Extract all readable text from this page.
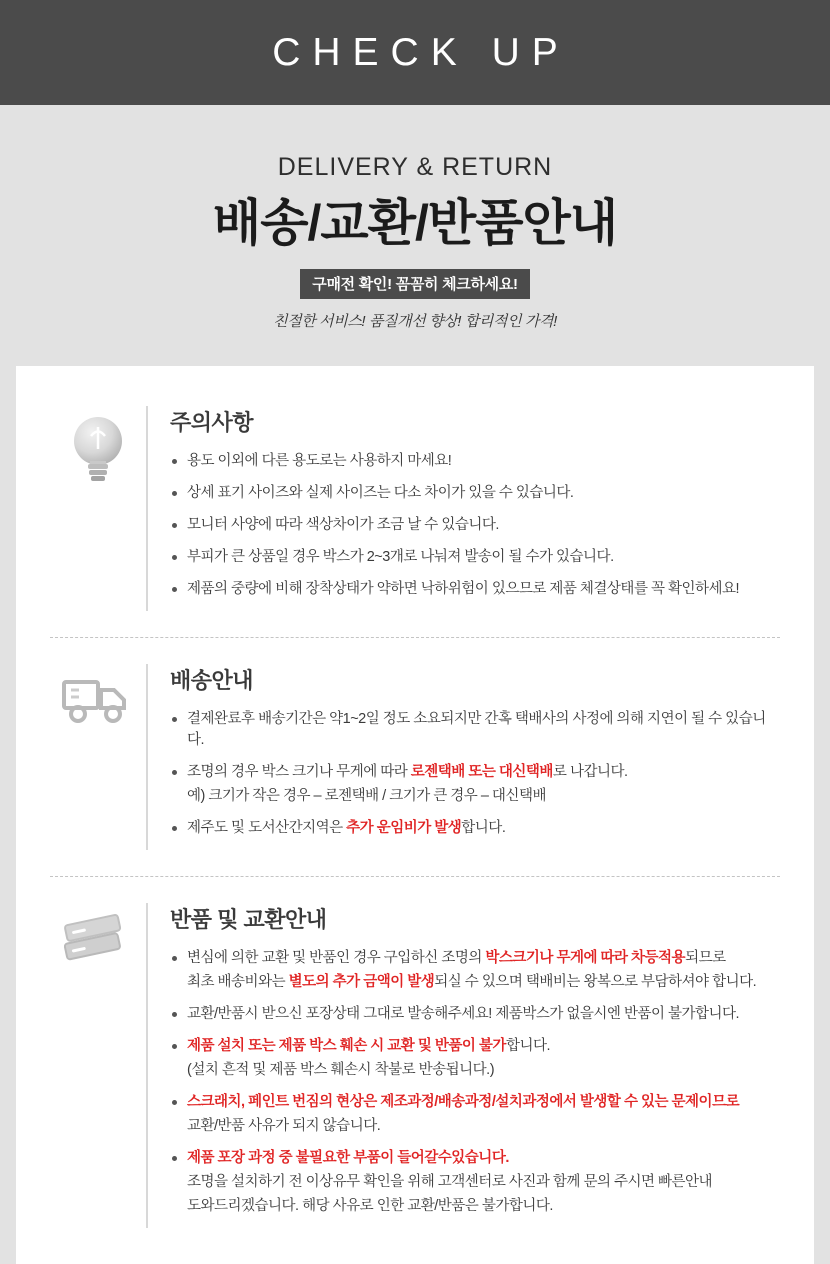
CHECK UP
DELIVERY & RETURN
배송/교환/반품안내
구매전 확인! 꼼꼼히 체크하세요!
친절한 서비스! 품질개선 향상! 합리적인 가격!
주의사항
용도 이외에 다른 용도로는 사용하지 마세요!
상세 표기 사이즈와 실제 사이즈는 다소 차이가 있을 수 있습니다.
모니터 사양에 따라 색상차이가 조금 날 수 있습니다.
부피가 큰 상품일 경우 박스가 2~3개로 나눠져 발송이 될 수가 있습니다.
제품의 중량에 비해 장착상태가 약하면 낙하위험이 있으므로 제품 체결상태를 꼭 확인하세요!
배송안내
결제완료후 배송기간은 약1~2일 정도 소요되지만 간혹 택배사의 사정에 의해 지연이 될 수 있습니다.
조명의 경우 박스 크기나 무게에 따라 로젠택배 또는 대신택배로 나갑니다.
예) 크기가 작은 경우 – 로젠택배 / 크기가 큰 경우 – 대신택배
제주도 및 도서산간지역은 추가 운임비가 발생합니다.
반품 및 교환안내
변심에 의한 교환 및 반품인 경우 구입하신 조명의 박스크기나 무게에 따라 차등적용되므로
최초 배송비와는 별도의 추가 금액이 발생되실 수 있으며 택배비는 왕복으로 부담하셔야 합니다.
교환/반품시 받으신 포장상태 그대로 발송해주세요! 제품박스가 없을시엔 반품이 불가합니다.
제품 설치 또는 제품 박스 훼손 시 교환 및 반품이 불가합니다.
(설치 흔적 및 제품 박스 훼손시 착불로 반송됩니다.)
스크래치, 페인트 번짐의 현상은 제조과정/배송과정/설치과정에서 발생할 수 있는 문제이므로
교환/반품 사유가 되지 않습니다.
제품 포장 과정 중 불필요한 부품이 들어갈수있습니다.
조명을 설치하기 전 이상유무 확인을 위해 고객센터로 사진과 함께 문의 주시면 빠른안내
도와드리겠습니다. 해당 사유로 인한 교환/반품은 불가합니다.
